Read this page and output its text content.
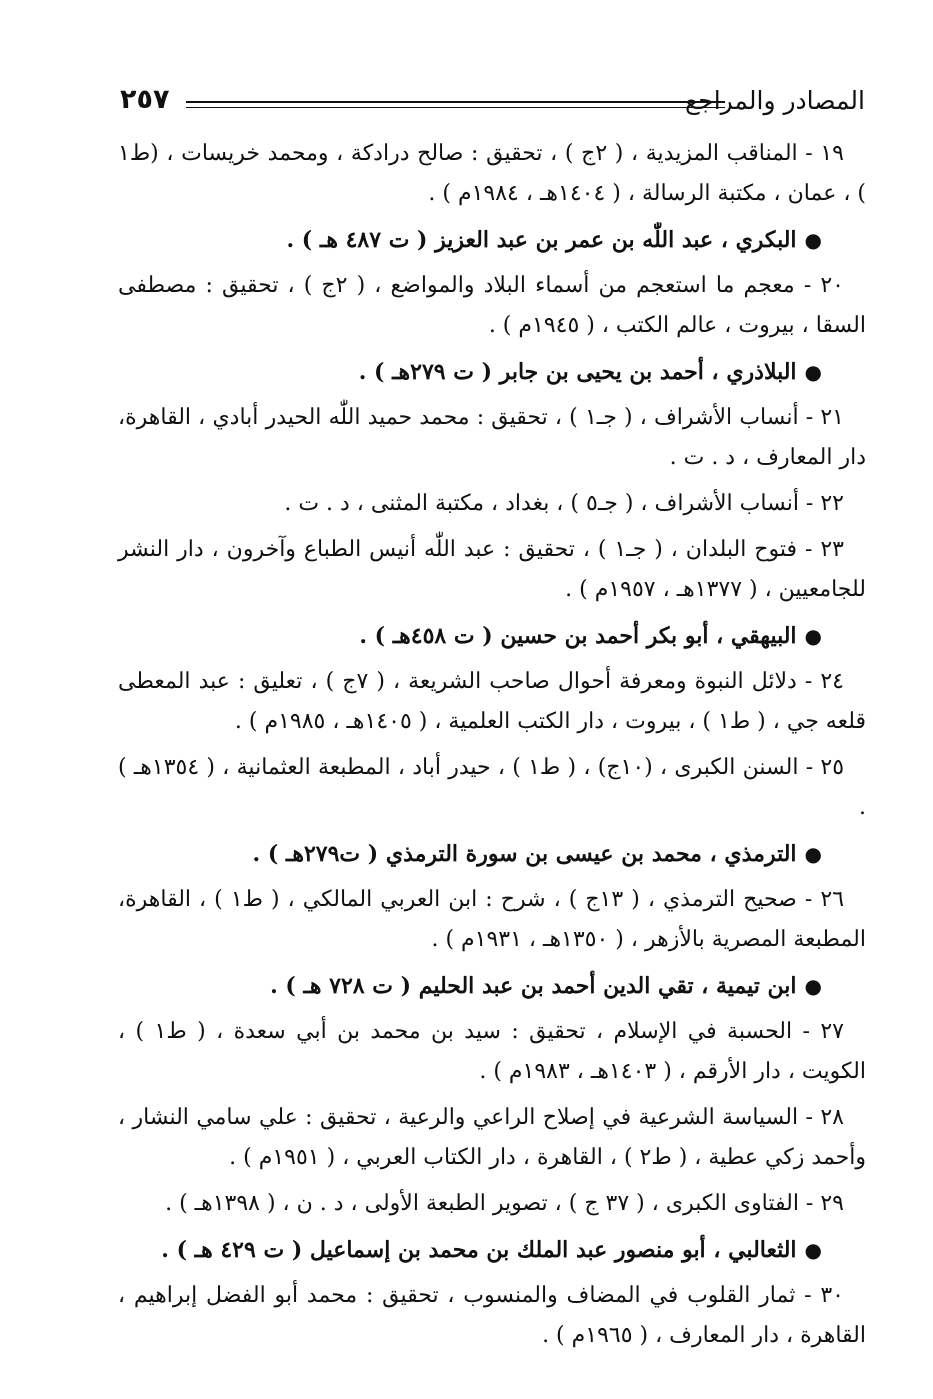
المصادر والمراجع
٢٥٧

١٩ - المناقب المزيدية ، ( ٢ج ) ، تحقيق : صالح درادكة ، ومحمد خريسات ، (ط١ ) ، عمان ، مكتبة الرسالة ، ( ١٤٠٤هـ ، ١٩٨٤م ) .

●البكري ، عبد اللّٰه بن عمر بن عبد العزيز ( ت ٤٨٧ هـ ) .

٢٠ - معجم ما استعجم من أسماء البلاد والمواضع ، ( ٢ج ) ، تحقيق : مصطفى السقا ، بيروت ، عالم الكتب ، ( ١٩٤٥م ) .

●البلاذري ، أحمد بن يحيى بن جابر ( ت ٢٧٩هـ ) .

٢١ - أنساب الأشراف ، ( جـ١ ) ، تحقيق : محمد حميد اللّٰه الحيدر أبادي ، القاهرة، دار المعارف ، د . ت .

٢٢ - أنساب الأشراف ، ( جـ٥ ) ، بغداد ، مكتبة المثنى ، د . ت .

٢٣ - فتوح البلدان ، ( جـ١ ) ، تحقيق : عبد اللّٰه أنيس الطباع وآخرون ، دار النشر للجامعيين ، ( ١٣٧٧هـ ، ١٩٥٧م ) .

●البيهقي ، أبو بكر أحمد بن حسين ( ت ٤٥٨هـ ) .

٢٤ - دلائل النبوة ومعرفة أحوال صاحب الشريعة ، ( ٧ج ) ، تعليق : عبد المعطى قلعه جي ، ( ط١ ) ، بيروت ، دار الكتب العلمية ، ( ١٤٠٥هـ ، ١٩٨٥م ) .

٢٥ - السنن الكبرى ، (١٠ج) ، ( ط١ ) ، حيدر أباد ، المطبعة العثمانية ، ( ١٣٥٤هـ ) .

●الترمذي ، محمد بن عيسى بن سورة الترمذي ( ت٢٧٩هـ ) .

٢٦ - صحيح الترمذي ، ( ١٣ج ) ، شرح : ابن العربي المالكي ، ( ط١ ) ، القاهرة، المطبعة المصرية بالأزهر ، ( ١٣٥٠هـ ، ١٩٣١م ) .

●ابن تيمية ، تقي الدين أحمد بن عبد الحليم ( ت ٧٢٨ هـ ) .

٢٧ - الحسبة في الإسلام ، تحقيق : سيد بن محمد بن أبي سعدة ، ( ط١ ) ، الكويت ، دار الأرقم ، ( ١٤٠٣هـ ، ١٩٨٣م ) .

٢٨ - السياسة الشرعية في إصلاح الراعي والرعية ، تحقيق : علي سامي النشار ، وأحمد زكي عطية ، ( ط٢ ) ، القاهرة ، دار الكتاب العربي ، ( ١٩٥١م ) .

٢٩ - الفتاوى الكبرى ، ( ٣٧ ج ) ، تصوير الطبعة الأولى ، د . ن ، ( ١٣٩٨هـ ) .

●الثعالبي ، أبو منصور عبد الملك بن محمد بن إسماعيل ( ت ٤٢٩ هـ ) .

٣٠ - ثمار القلوب في المضاف والمنسوب ، تحقيق : محمد أبو الفضل إبراهيم ، القاهرة ، دار المعارف ، ( ١٩٦٥م ) .
